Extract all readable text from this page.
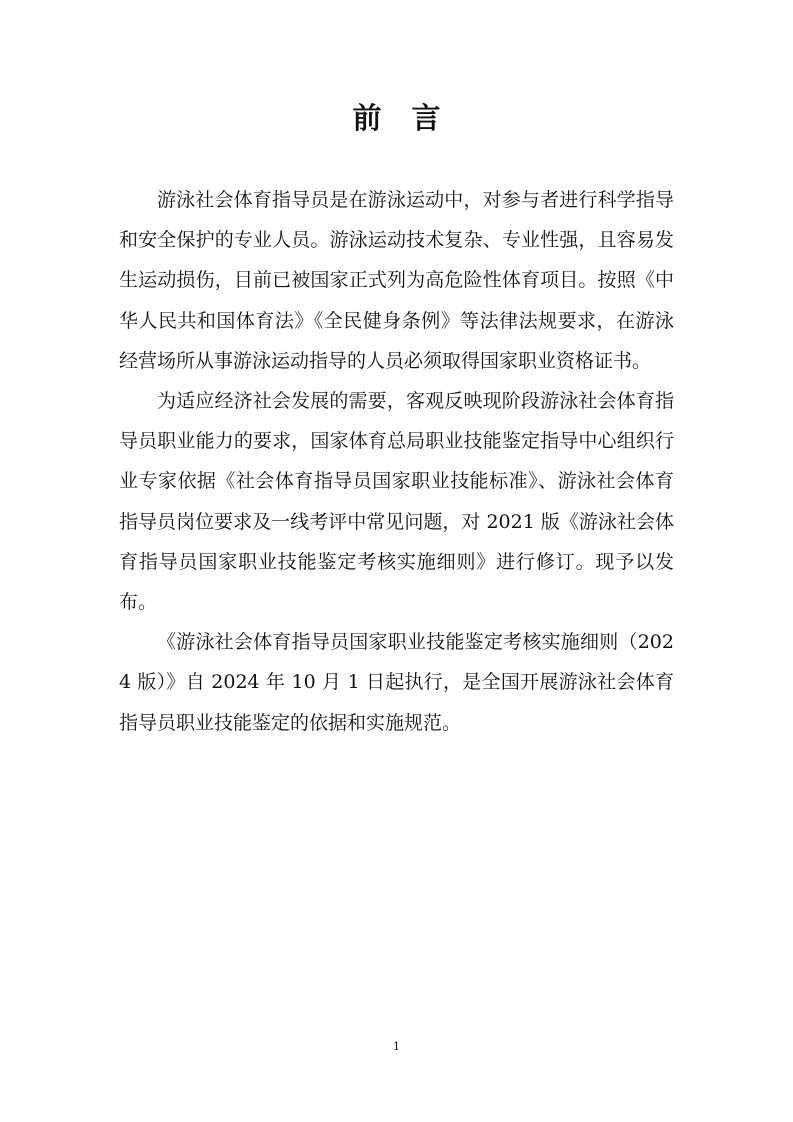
前言

游泳社会体育指导员是在游泳运动中，对参与者进行科学指导和安全保护的专业人员。游泳运动技术复杂、专业性强，且容易发生运动损伤，目前已被国家正式列为高危险性体育项目。按照《中华人民共和国体育法》《全民健身条例》等法律法规要求，在游泳经营场所从事游泳运动指导的人员必须取得国家职业资格证书。

为适应经济社会发展的需要，客观反映现阶段游泳社会体育指导员职业能力的要求，国家体育总局职业技能鉴定指导中心组织行业专家依据《社会体育指导员国家职业技能标准》、游泳社会体育指导员岗位要求及一线考评中常见问题，对 2021 版《游泳社会体育指导员国家职业技能鉴定考核实施细则》进行修订。现予以发布。

《游泳社会体育指导员国家职业技能鉴定考核实施细则（2024 版）》自 2024 年 10 月 1 日起执行，是全国开展游泳社会体育指导员职业技能鉴定的依据和实施规范。

1
